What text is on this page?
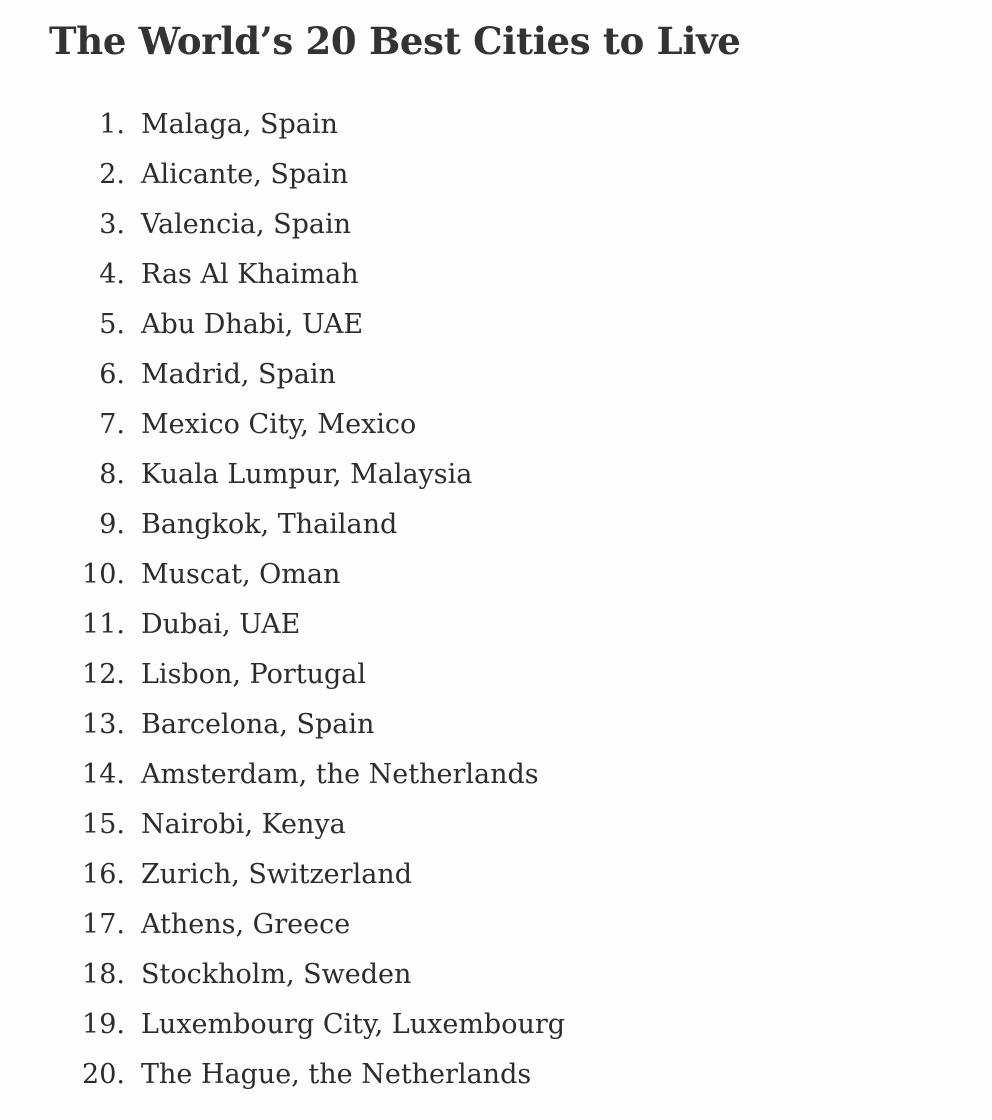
The World’s 20 Best Cities to Live
1. Malaga, Spain
2. Alicante, Spain
3. Valencia, Spain
4. Ras Al Khaimah
5. Abu Dhabi, UAE
6. Madrid, Spain
7. Mexico City, Mexico
8. Kuala Lumpur, Malaysia
9. Bangkok, Thailand
10. Muscat, Oman
11. Dubai, UAE
12. Lisbon, Portugal
13. Barcelona, Spain
14. Amsterdam, the Netherlands
15. Nairobi, Kenya
16. Zurich, Switzerland
17. Athens, Greece
18. Stockholm, Sweden
19. Luxembourg City, Luxembourg
20. The Hague, the Netherlands
